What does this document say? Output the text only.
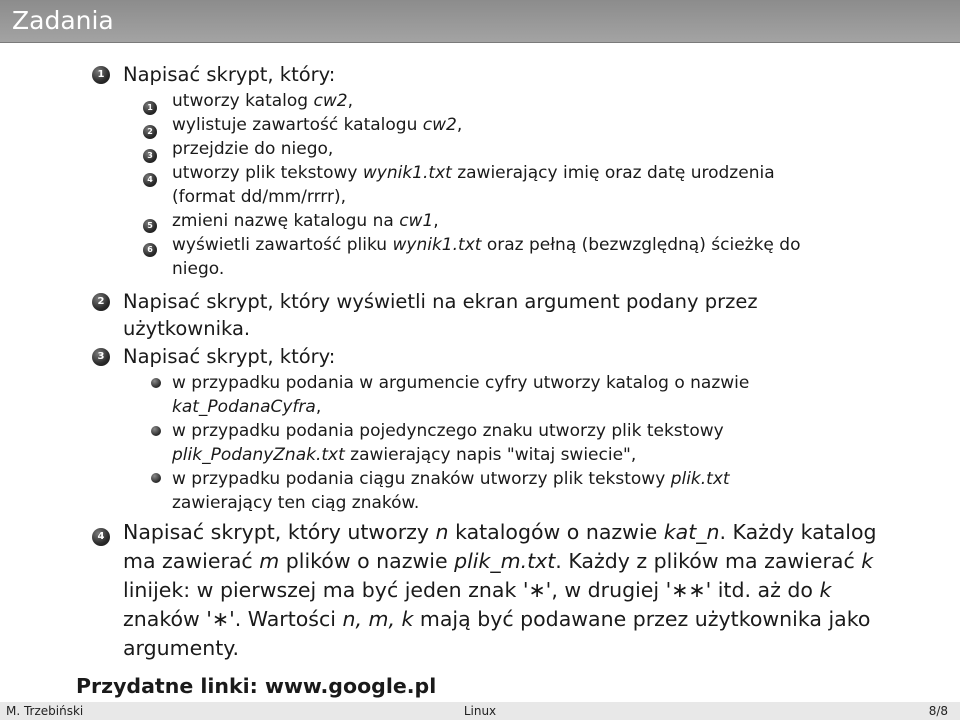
Zadania
1 Napisać skrypt, który:
1 utworzy katalog cw2,
2 wylistuje zawartość katalogu cw2,
3 przejdzie do niego,
4 utworzy plik tekstowy wynik1.txt zawierający imię oraz datę urodzenia
(format dd/mm/rrrr),
5 zmieni nazwę katalogu na cw1,
6 wyświetli zawartość pliku wynik1.txt oraz pełną (bezwzględną) ścieżkę do
niego.
2 Napisać skrypt, który wyświetli na ekran argument podany przez
użytkownika.
3 Napisać skrypt, który:
w przypadku podania w argumencie cyfry utworzy katalog o nazwie
kat_PodanaCyfra,
w przypadku podania pojedynczego znaku utworzy plik tekstowy
plik_PodanyZnak.txt zawierający napis "witaj swiecie",
w przypadku podania ciągu znaków utworzy plik tekstowy plik.txt
zawierający ten ciąg znaków.
4 Napisać skrypt, który utworzy n katalogów o nazwie kat_n. Każdy katalog
ma zawierać m plików o nazwie plik_m.txt. Każdy z plików ma zawierać k
linijek: w pierwszej ma być jeden znak '∗', w drugiej '∗∗' itd. aż do k
znaków '∗'. Wartości n, m, k mają być podawane przez użytkownika jako
argumenty.
Przydatne linki: www.google.pl
M. Trzebiński	Linux	8/8
